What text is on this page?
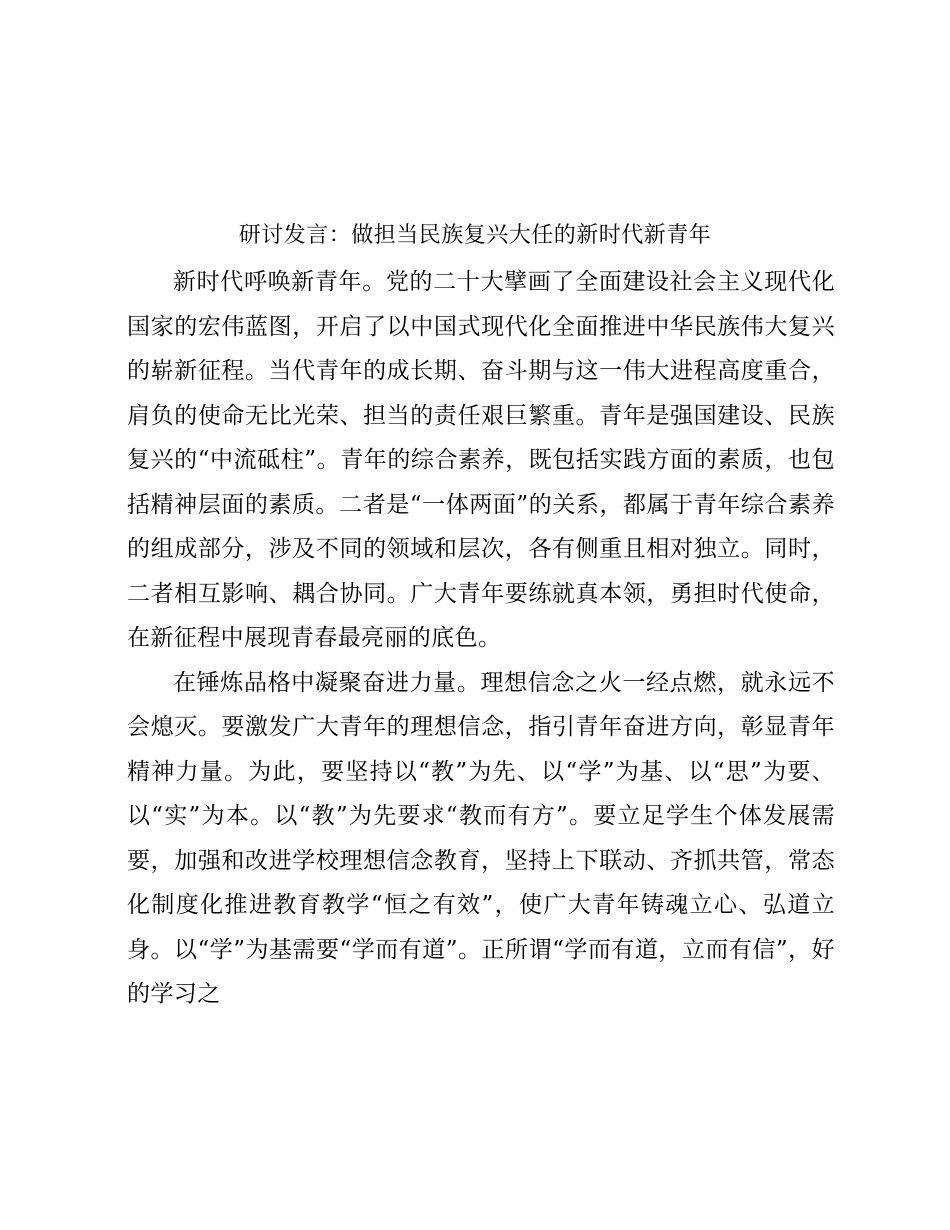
研讨发言：做担当民族复兴大任的新时代新青年

新时代呼唤新青年。党的二十大擘画了全面建设社会主义现代化国家的宏伟蓝图，开启了以中国式现代化全面推进中华民族伟大复兴的崭新征程。当代青年的成长期、奋斗期与这一伟大进程高度重合，肩负的使命无比光荣、担当的责任艰巨繁重。青年是强国建设、民族复兴的“中流砥柱”。青年的综合素养，既包括实践方面的素质，也包括精神层面的素质。二者是“一体两面”的关系，都属于青年综合素养的组成部分，涉及不同的领域和层次，各有侧重且相对独立。同时，二者相互影响、耦合协同。广大青年要练就真本领，勇担时代使命，在新征程中展现青春最亮丽的底色。

在锤炼品格中凝聚奋进力量。理想信念之火一经点燃，就永远不会熄灭。要激发广大青年的理想信念，指引青年奋进方向，彰显青年精神力量。为此，要坚持以“教”为先、以“学”为基、以“思”为要、以“实”为本。以“教”为先要求“教而有方”。要立足学生个体发展需要，加强和改进学校理想信念教育，坚持上下联动、齐抓共管，常态化制度化推进教育教学“恒之有效”，使广大青年铸魂立心、弘道立身。以“学”为基需要“学而有道”。正所谓“学而有道，立而有信”，好的学习之
